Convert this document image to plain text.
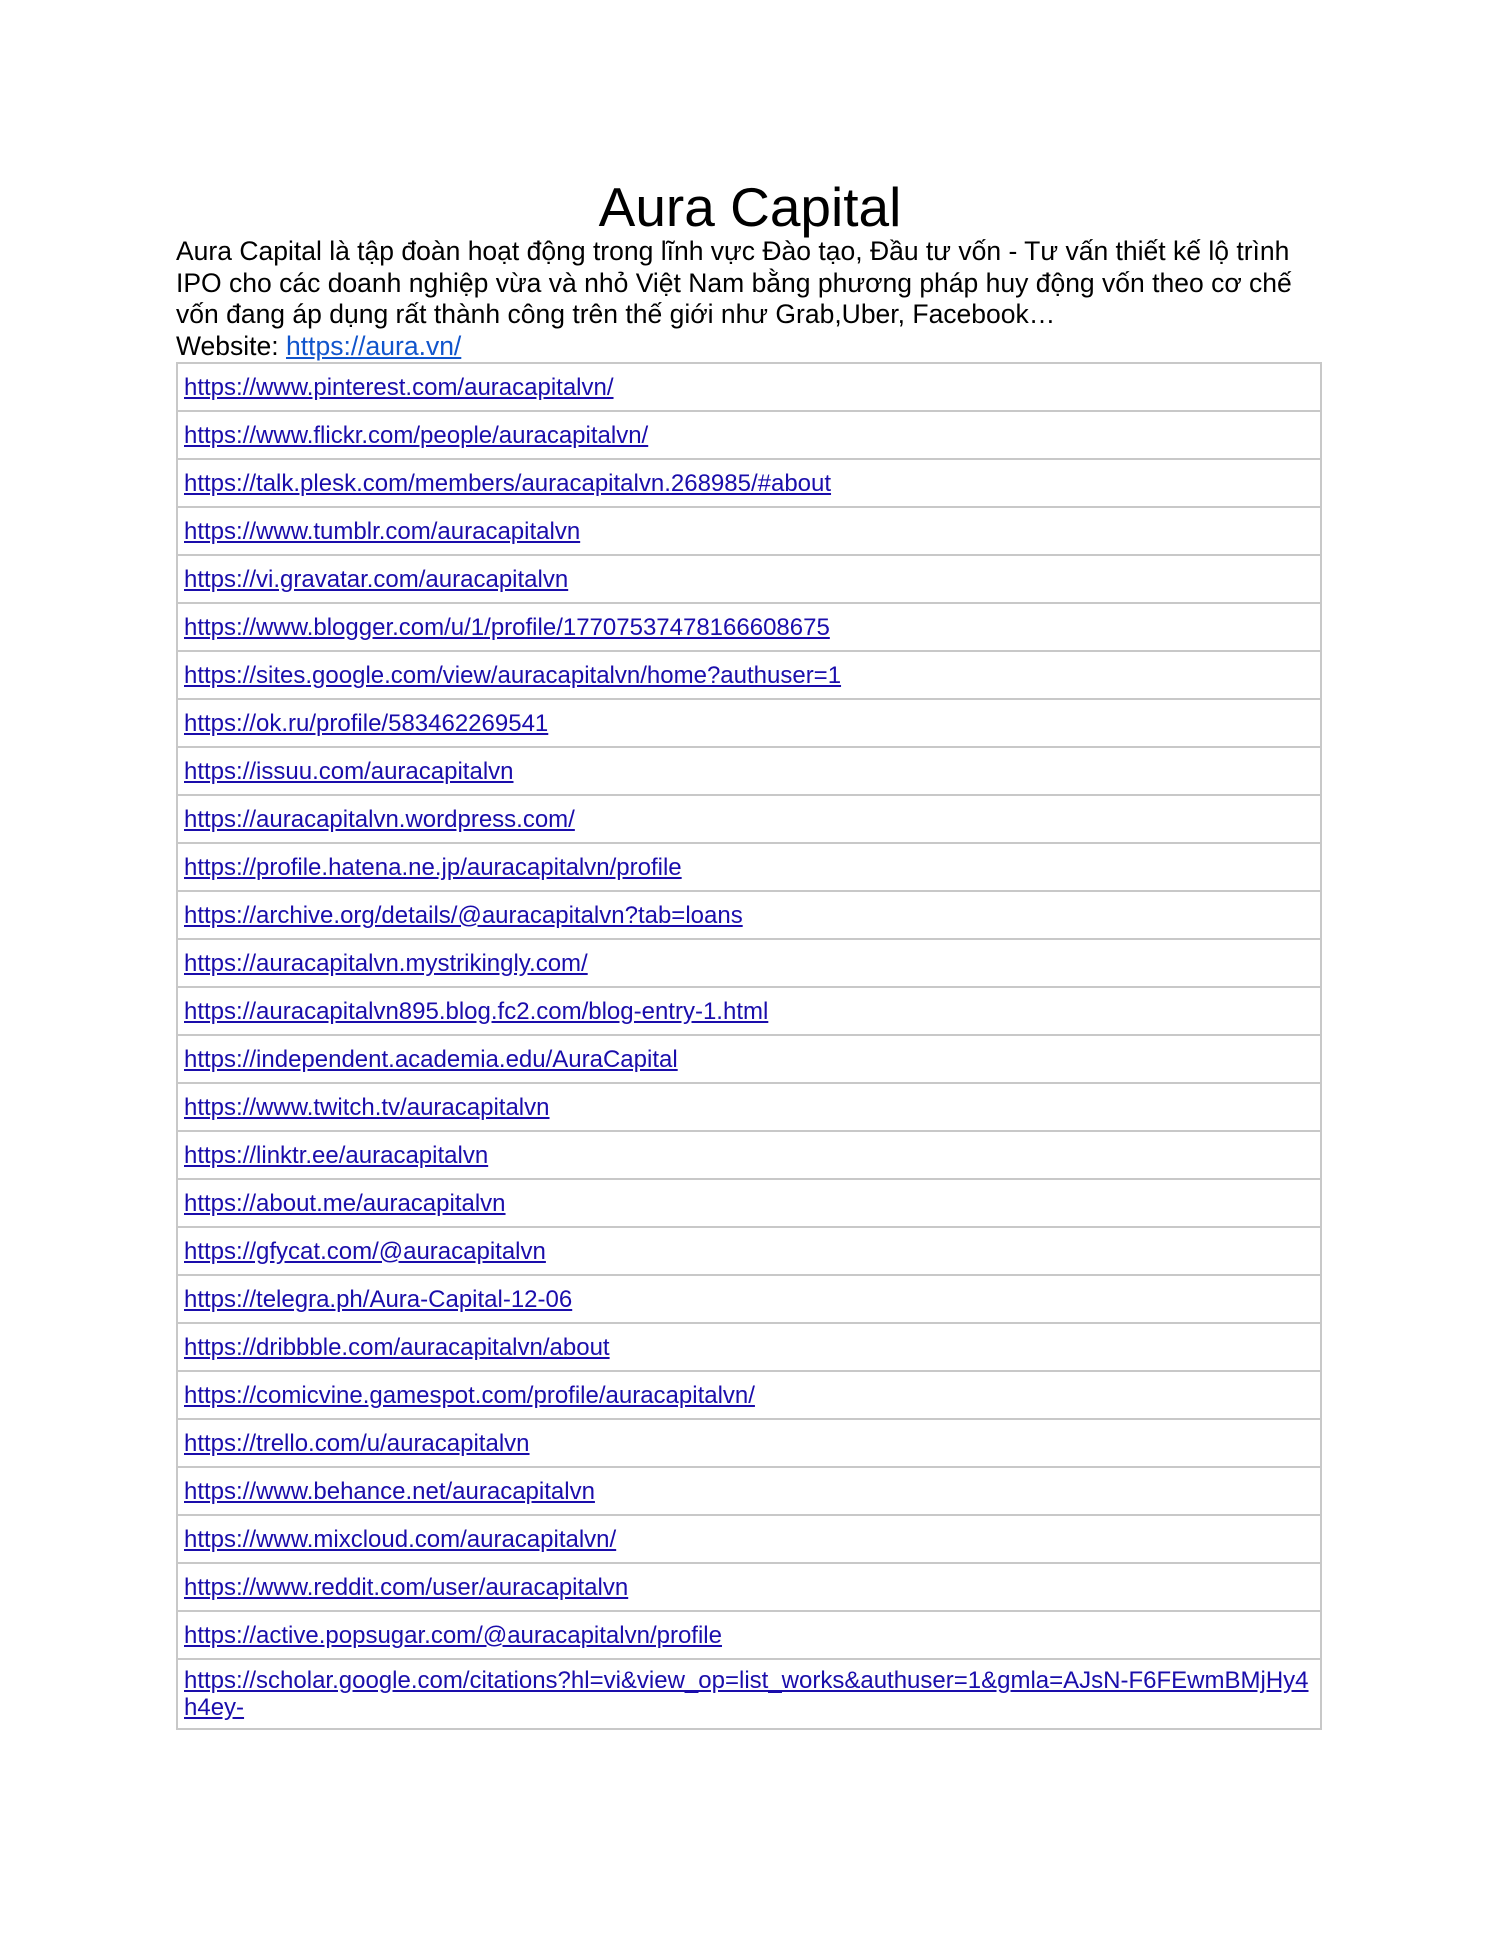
Aura Capital

Aura Capital là tập đoàn hoạt động trong lĩnh vực Đào tạo, Đầu tư vốn - Tư vấn thiết kế lộ trình IPO cho các doanh nghiệp vừa và nhỏ Việt Nam bằng phương pháp huy động vốn theo cơ chế vốn đang áp dụng rất thành công trên thế giới như Grab,Uber, Facebook…

Website: https://aura.vn/

https://www.pinterest.com/auracapitalvn/
https://www.flickr.com/people/auracapitalvn/
https://talk.plesk.com/members/auracapitalvn.268985/#about
https://www.tumblr.com/auracapitalvn
https://vi.gravatar.com/auracapitalvn
https://www.blogger.com/u/1/profile/17707537478166608675
https://sites.google.com/view/auracapitalvn/home?authuser=1
https://ok.ru/profile/583462269541
https://issuu.com/auracapitalvn
https://auracapitalvn.wordpress.com/
https://profile.hatena.ne.jp/auracapitalvn/profile
https://archive.org/details/@auracapitalvn?tab=loans
https://auracapitalvn.mystrikingly.com/
https://auracapitalvn895.blog.fc2.com/blog-entry-1.html
https://independent.academia.edu/AuraCapital
https://www.twitch.tv/auracapitalvn
https://linktr.ee/auracapitalvn
https://about.me/auracapitalvn
https://gfycat.com/@auracapitalvn
https://telegra.ph/Aura-Capital-12-06
https://dribbble.com/auracapitalvn/about
https://comicvine.gamespot.com/profile/auracapitalvn/
https://trello.com/u/auracapitalvn
https://www.behance.net/auracapitalvn
https://www.mixcloud.com/auracapitalvn/
https://www.reddit.com/user/auracapitalvn
https://active.popsugar.com/@auracapitalvn/profile
https://scholar.google.com/citations?hl=vi&view_op=list_works&authuser=1&gmla=AJsN-F6FEwmBMjHy4h4ey-
